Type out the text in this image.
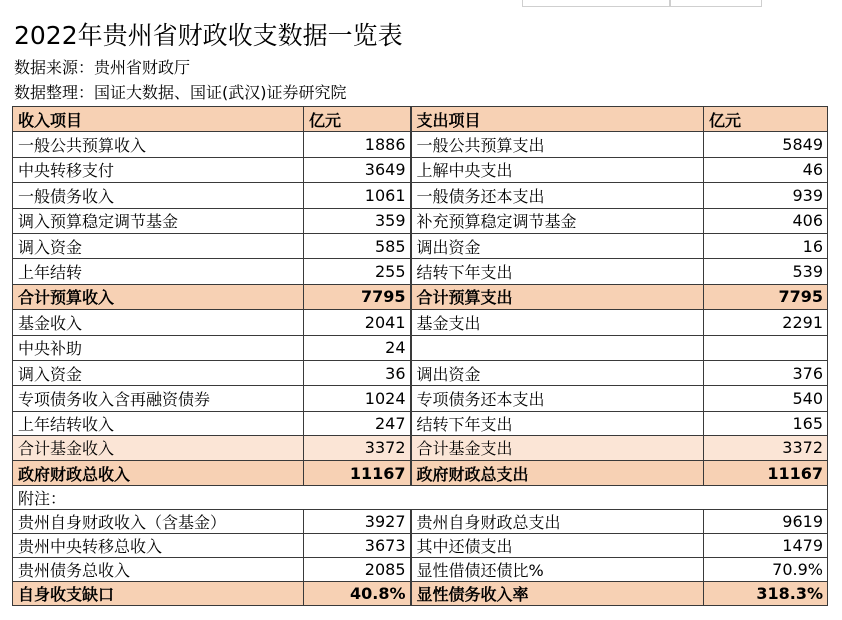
2022年贵州省财政收支数据一览表
数据来源：贵州省财政厅
数据整理：国证大数据、国证(武汉)证券研究院
收入项目	亿元	支出项目	亿元
一般公共预算收入	1886	一般公共预算支出	5849
中央转移支付	3649	上解中央支出	46
一般债务收入	1061	一般债务还本支出	939
调入预算稳定调节基金	359	补充预算稳定调节基金	406
调入资金	585	调出资金	16
上年结转	255	结转下年支出	539
合计预算收入	7795	合计预算支出	7795
基金收入	2041	基金支出	2291
中央补助	24		
调入资金	36	调出资金	376
专项债务收入含再融资债券	1024	专项债务还本支出	540
上年结转收入	247	结转下年支出	165
合计基金收入	3372	合计基金支出	3372
政府财政总收入	11167	政府财政总支出	11167
附注：			
贵州自身财政收入（含基金）	3927	贵州自身财政总支出	9619
贵州中央转移总收入	3673	其中还债支出	1479
贵州债务总收入	2085	显性借债还债比%	70.9%
自身收支缺口	40.8%	显性债务收入率	318.3%
